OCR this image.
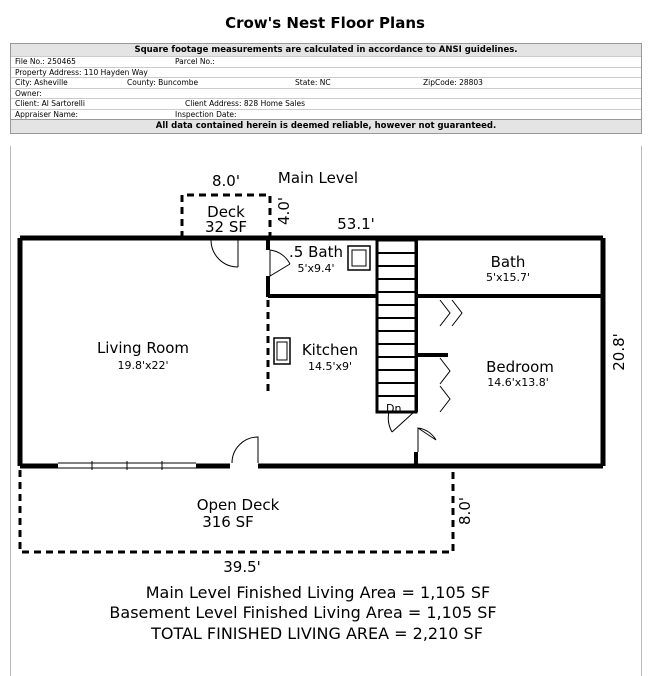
Crow's Nest Floor Plans
Square footage measurements are calculated in accordance to ANSI guidelines.
File No.: 250465	Parcel No.:
Property Address: 110 Hayden Way
City: Asheville	County: Buncombe	State: NC	ZipCode: 28803
Owner:
Client: Al Sartorelli	Client Address: 828 Home Sales
Appraiser Name:	Inspection Date:
All data contained herein is deemed reliable, however not guaranteed.
Dn
Deck
32 SF
.5 Bath
Bath
Living Room	Kitchen
Bedroom
Open Deck
316 SF
5'x9.4'
5'x15.7'
19.8'x22'	14.5'x9'
14.6'x13.8'
Main Level
8.0'
4.0'	53.1'
20.8'
39.5'
8.0'
Main Level Finished Living Area = 1,105 SF
Basement Level Finished Living Area = 1,105 SF
TOTAL FINISHED LIVING AREA = 2,210 SF
